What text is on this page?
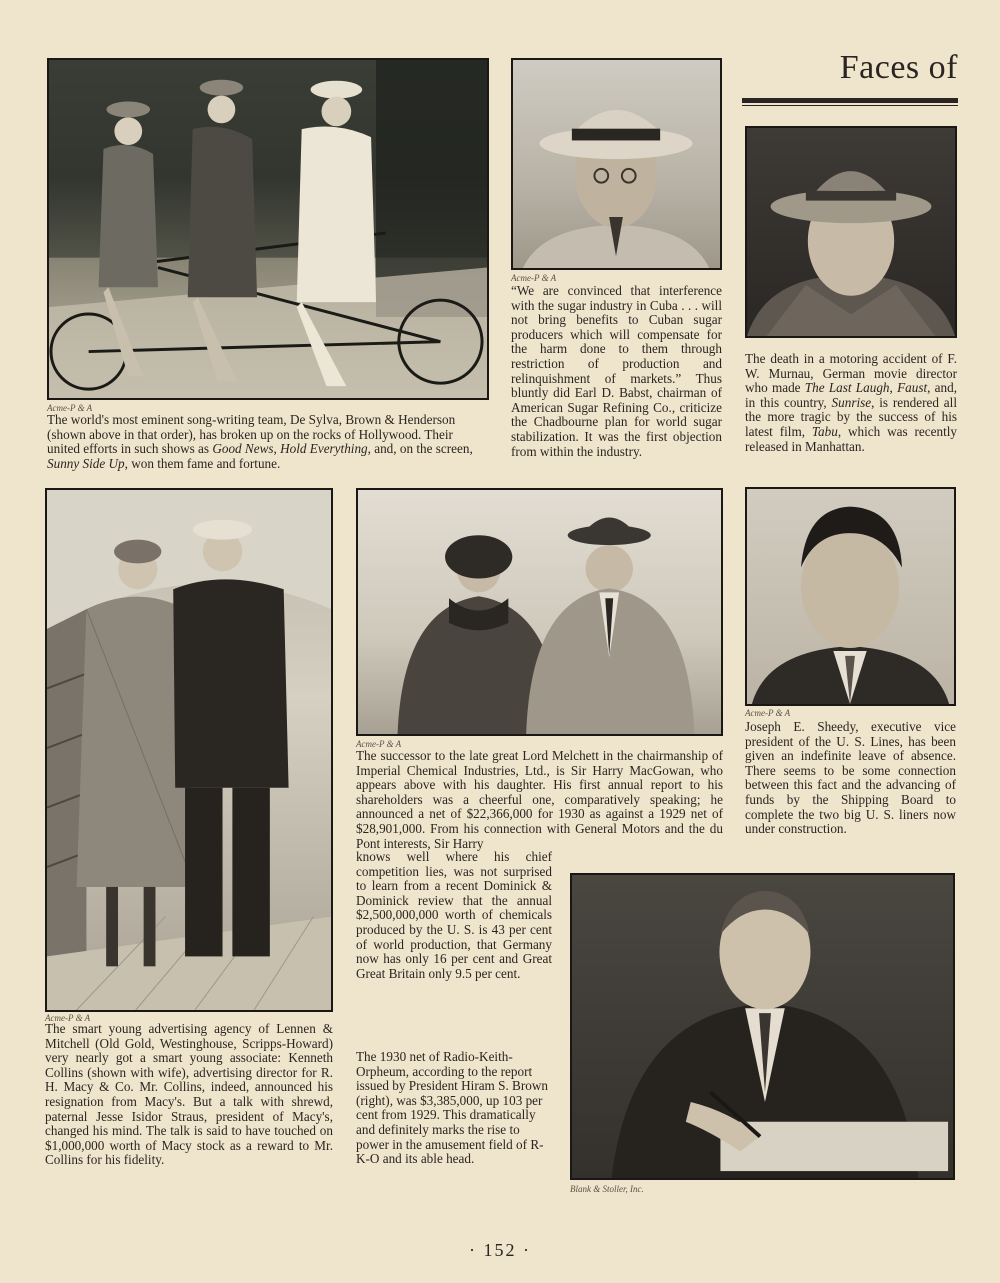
Faces of
Acme-P & A

The world's most eminent song-writing team, De Sylva, Brown & Henderson (shown above in that order), has broken up on the rocks of Hollywood. Their united efforts in such shows as Good News, Hold Everything, and, on the screen, Sunny Side Up, won them fame and fortune.

Acme-P & A

“We are convinced that interference with the sugar industry in Cuba . . . will not bring benefits to Cuban sugar producers which will compensate for the harm done to them through restriction of production and relinquishment of markets.” Thus bluntly did Earl D. Babst, chairman of American Sugar Refining Co., criticize the Chadbourne plan for world sugar stabilization. It was the first objection from within the industry.

The death in a motoring accident of F. W. Murnau, German movie director who made The Last Laugh, Faust, and, in this country, Sunrise, is rendered all the more tragic by the success of his latest film, Tabu, which was recently released in Manhattan.

Acme-P & A

The smart young advertising agency of Lennen & Mitchell (Old Gold, Westinghouse, Scripps-Howard) very nearly got a smart young associate: Kenneth Collins (shown with wife), advertising director for R. H. Macy & Co. Mr. Collins, indeed, announced his resignation from Macy's. But a talk with shrewd, paternal Jesse Isidor Straus, president of Macy's, changed his mind. The talk is said to have touched on $1,000,000 worth of Macy stock as a reward to Mr. Collins for his fidelity.

Acme-P & A

The successor to the late great Lord Melchett in the chairmanship of Imperial Chemical Industries, Ltd., is Sir Harry MacGowan, who appears above with his daughter. His first annual report to his shareholders was a cheerful one, comparatively speaking; he announced a net of $22,366,000 for 1930 as against a 1929 net of $28,901,000. From his connection with General Motors and the du Pont interests, Sir Harry

knows well where his chief competition lies, was not surprised to learn from a recent Dominick & Dominick review that the annual $2,500,000,000 worth of chemicals produced by the U. S. is 43 per cent of world production, that Germany now has only 16 per cent and Great Great Britain only 9.5 per cent.

Acme-P & A

Joseph E. Sheedy, executive vice president of the U. S. Lines, has been given an indefinite leave of absence. There seems to be some connection between this fact and the advancing of funds by the Shipping Board to complete the two big U. S. liners now under construction.

Blank & Stoller, Inc.

The 1930 net of Radio-Keith-Orpheum, according to the report issued by President Hiram S. Brown (right), was $3,385,000, up 103 per cent from 1929. This dramatically and definitely marks the rise to power in the amusement field of R-K-O and its able head.

· 152 ·
